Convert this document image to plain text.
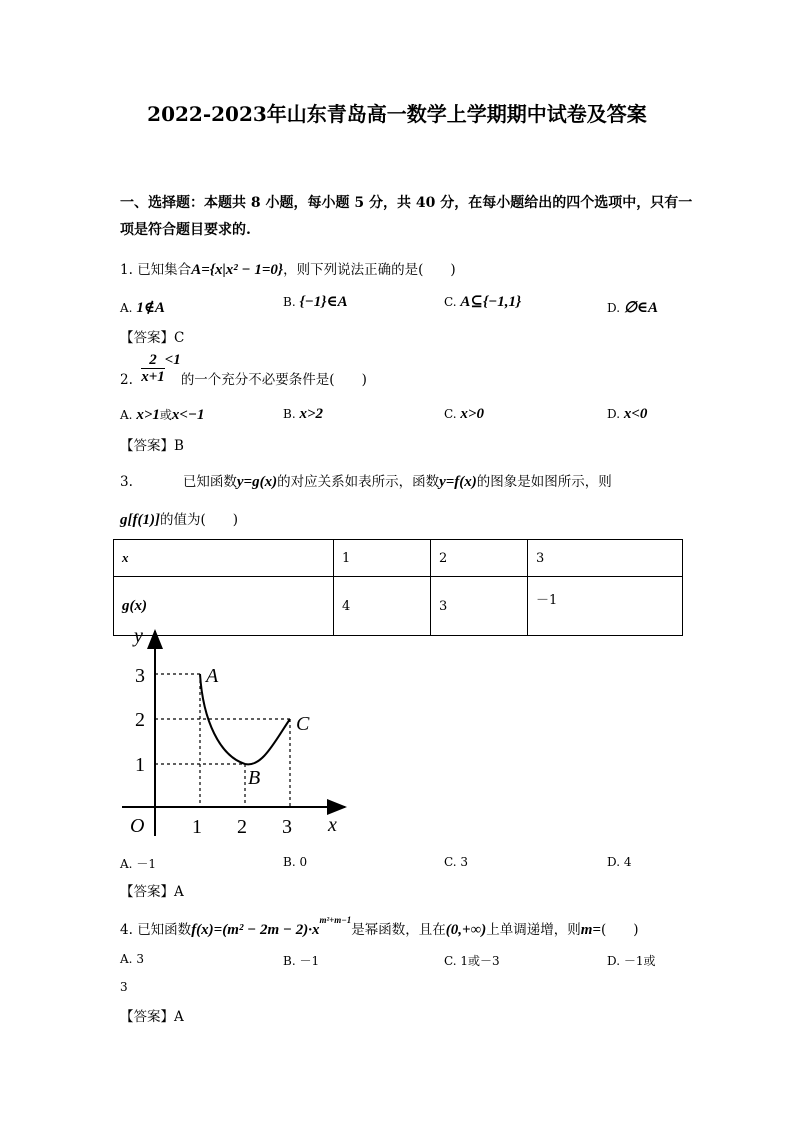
2022-2023年山东青岛高一数学上学期期中试卷及答案
一、选择题：本题共 8 小题，每小题 5 分，共 40 分，在每小题给出的四个选项中，只有一
项是符合题目要求的.
1. 已知集合A={x|x² − 1=0}，则下列说法正确的是(　　)
A. 1∉A	B. {−1}∈A	C. A⊆{−1,1}	D. ∅∈A
【答案】C
2. $\frac{2}{x+1} <1$的一个充分不必要条件是(　　)
A. x>1或x<−1	B. x>2	C. x>0	D. x<0
【答案】B
3.	已知函数y=g(x)的对应关系如表所示，函数y=f(x)的图象是如图所示，则
g[f(1)]的值为(　　)
x	1	2	3
g(x)	4	3	－1
y
x
O 1 2 3
1
2
3	A
B
C
A. －1	B. 0	C. 3	D. 4
【答案】A
4. 已知函数$f(x)=(m^2 - 2m - 2)\cdot x^{m^2+m-1}$是幂函数，且在(0,+∞)上单调递增，则m=(　　)
A. 3	B. －1	C. 1或－3	D. －1或
3
【答案】A
